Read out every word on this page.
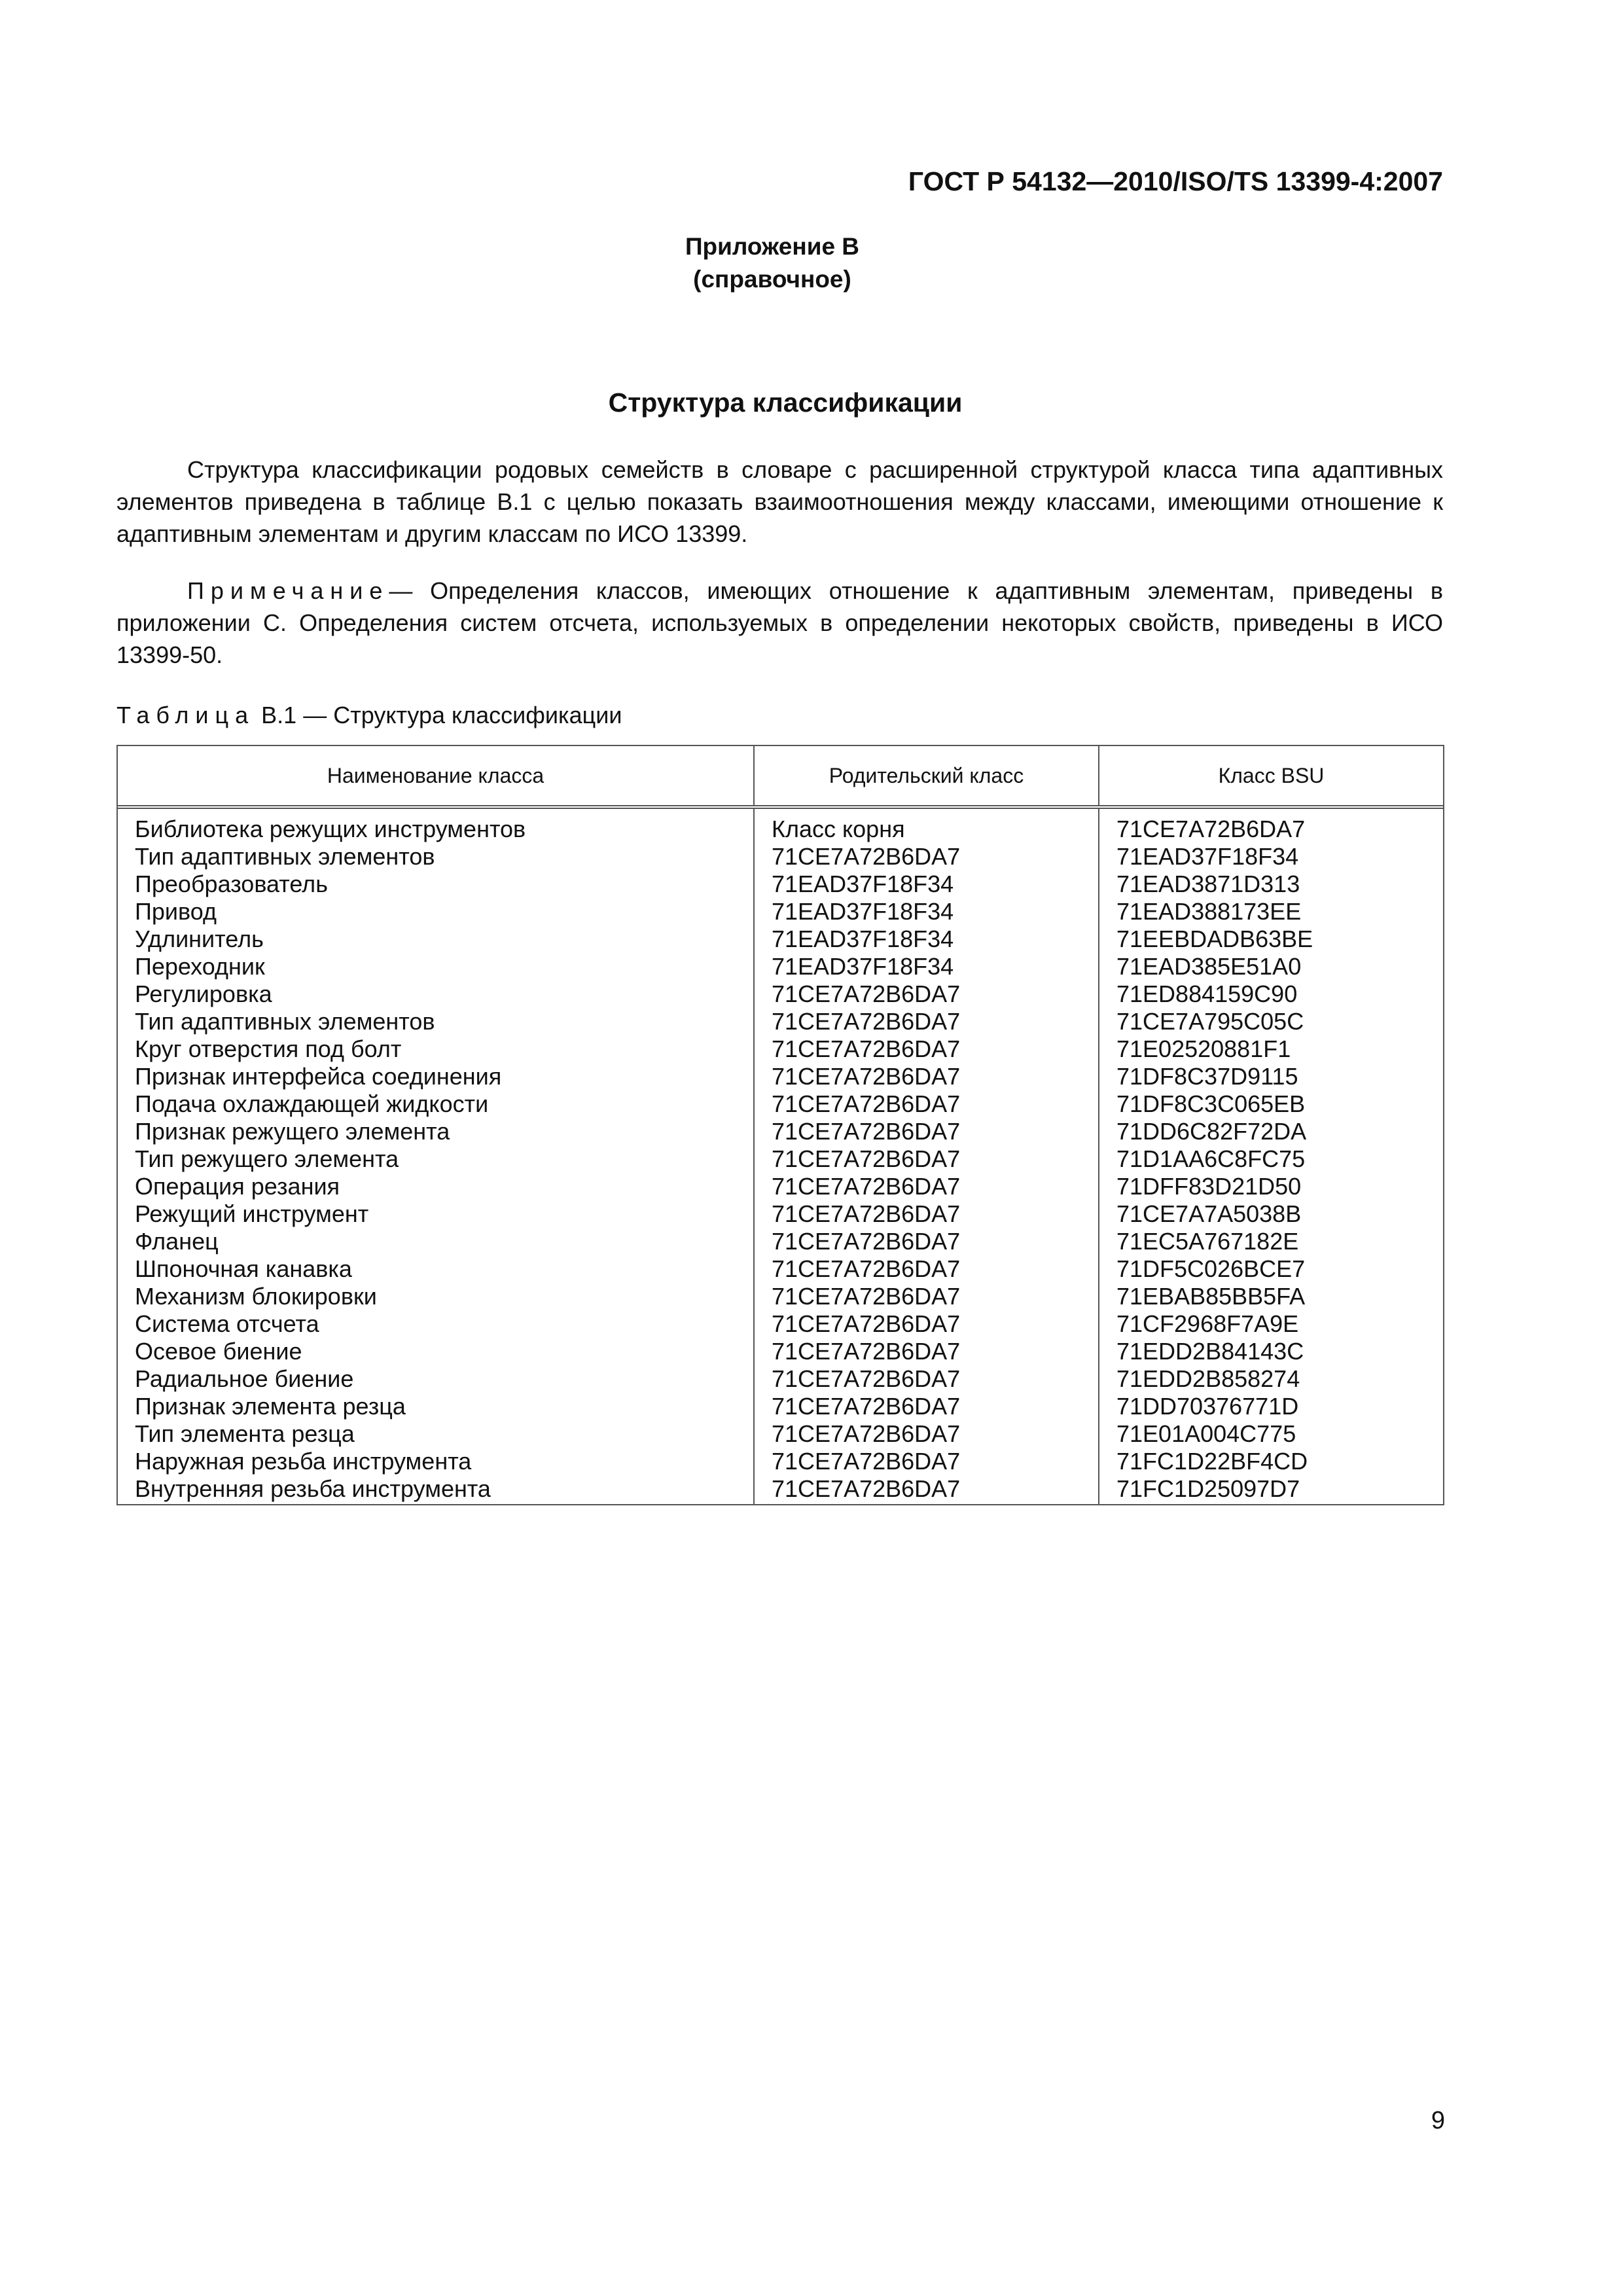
ГОСТ Р 54132—2010/ISO/TS 13399-4:2007
Приложение В
(справочное)
Структура классификации

Структура классификации родовых семейств в словаре с расширенной структурой класса типа адаптивных элементов приведена в таблице В.1 с целью показать взаимоотношения между классами, имеющими отношение к адаптивным элементам и другим классам по ИСО 13399.

Примечание— Определения классов, имеющих отношение к адаптивным элементам, приведены в приложении С. Определения систем отсчета, используемых в определении некоторых свойств, приведены в ИСО 13399-50.

Таблица В.1 — Структура классификации
Наименование класса	Родительский класс	Класс BSU
Библиотека режущих инструментов	Класс корня	71CE7A72B6DA7
Тип адаптивных элементов	71CE7A72B6DA7	71EAD37F18F34
Преобразователь	71EAD37F18F34	71EAD3871D313
Привод	71EAD37F18F34	71EAD388173EE
Удлинитель	71EAD37F18F34	71EEBDADB63BE
Переходник	71EAD37F18F34	71EAD385E51A0
Регулировка	71CE7A72B6DA7	71ED884159C90
Тип адаптивных элементов	71CE7A72B6DA7	71CE7A795C05C
Круг отверстия под болт	71CE7A72B6DA7	71E02520881F1
Признак интерфейса соединения	71CE7A72B6DA7	71DF8C37D9115
Подача охлаждающей жидкости	71CE7A72B6DA7	71DF8C3C065EB
Признак режущего элемента	71CE7A72B6DA7	71DD6C82F72DA
Тип режущего элемента	71CE7A72B6DA7	71D1AA6C8FC75
Операция резания	71CE7A72B6DA7	71DFF83D21D50
Режущий инструмент	71CE7A72B6DA7	71CE7A7A5038B
Фланец	71CE7A72B6DA7	71EC5A767182E
Шпоночная канавка	71CE7A72B6DA7	71DF5C026BCE7
Механизм блокировки	71CE7A72B6DA7	71EBAB85BB5FA
Система отсчета	71CE7A72B6DA7	71CF2968F7A9E
Осевое биение	71CE7A72B6DA7	71EDD2B84143C
Радиальное биение	71CE7A72B6DA7	71EDD2B858274
Признак элемента резца	71CE7A72B6DA7	71DD70376771D
Тип элемента резца	71CE7A72B6DA7	71E01A004C775
Наружная резьба инструмента	71CE7A72B6DA7	71FC1D22BF4CD
Внутренняя резьба инструмента	71CE7A72B6DA7	71FC1D25097D7
9
